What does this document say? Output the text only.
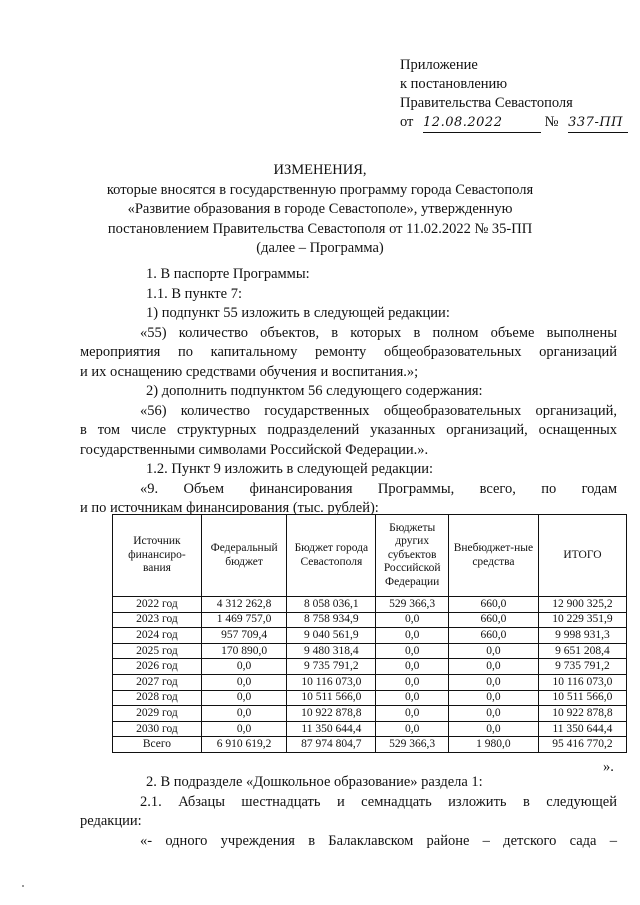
Приложение
к постановлению
Правительства Севастополя
от 12.08.2022	№ 337-ПП
ИЗМЕНЕНИЯ,
которые вносятся в государственную программу города Севастополя
«Развитие образования в городе Севастополе», утвержденную
постановлением Правительства Севастополя от 11.02.2022 № 35-ПП
(далее – Программа)
1. В паспорте Программы:
1.1. В пункте 7:
1) подпункт 55 изложить в следующей редакции:
«55) количество объектов, в которых в полном объеме выполнены
мероприятия по капитальному ремонту общеобразовательных организаций
и их оснащению средствами обучения и воспитания.»;
2) дополнить подпунктом 56 следующего содержания:
«56) количество государственных общеобразовательных организаций,
в том числе структурных подразделений указанных организаций, оснащенных
государственными символами Российской Федерации.».
1.2. Пункт 9 изложить в следующей редакции:
«9. Объем финансирования Программы, всего, по годам
и по источникам финансирования (тыс. рублей):
Источник финансиро-вания	Федеральный бюджет	Бюджет города Севастополя	Бюджеты других субъектов Российской Федерации	Внебюджет-ные средства	ИТОГО
2022 год	4 312 262,8	8 058 036,1	529 366,3	660,0	12 900 325,2
2023 год	1 469 757,0	8 758 934,9	0,0	660,0	10 229 351,9
2024 год	957 709,4	9 040 561,9	0,0	660,0	9 998 931,3
2025 год	170 890,0	9 480 318,4	0,0	0,0	9 651 208,4
2026 год	0,0	9 735 791,2	0,0	0,0	9 735 791,2
2027 год	0,0	10 116 073,0	0,0	0,0	10 116 073,0
2028 год	0,0	10 511 566,0	0,0	0,0	10 511 566,0
2029 год	0,0	10 922 878,8	0,0	0,0	10 922 878,8
2030 год	0,0	11 350 644,4	0,0	0,0	11 350 644,4
Всего	6 910 619,2	87 974 804,7	529 366,3	1 980,0	95 416 770,2
».
2. В подразделе «Дошкольное образование» раздела 1:
2.1. Абзацы шестнадцать и семнадцать изложить в следующей
редакции:
«- одного учреждения в Балаклавском районе – детского сада –
